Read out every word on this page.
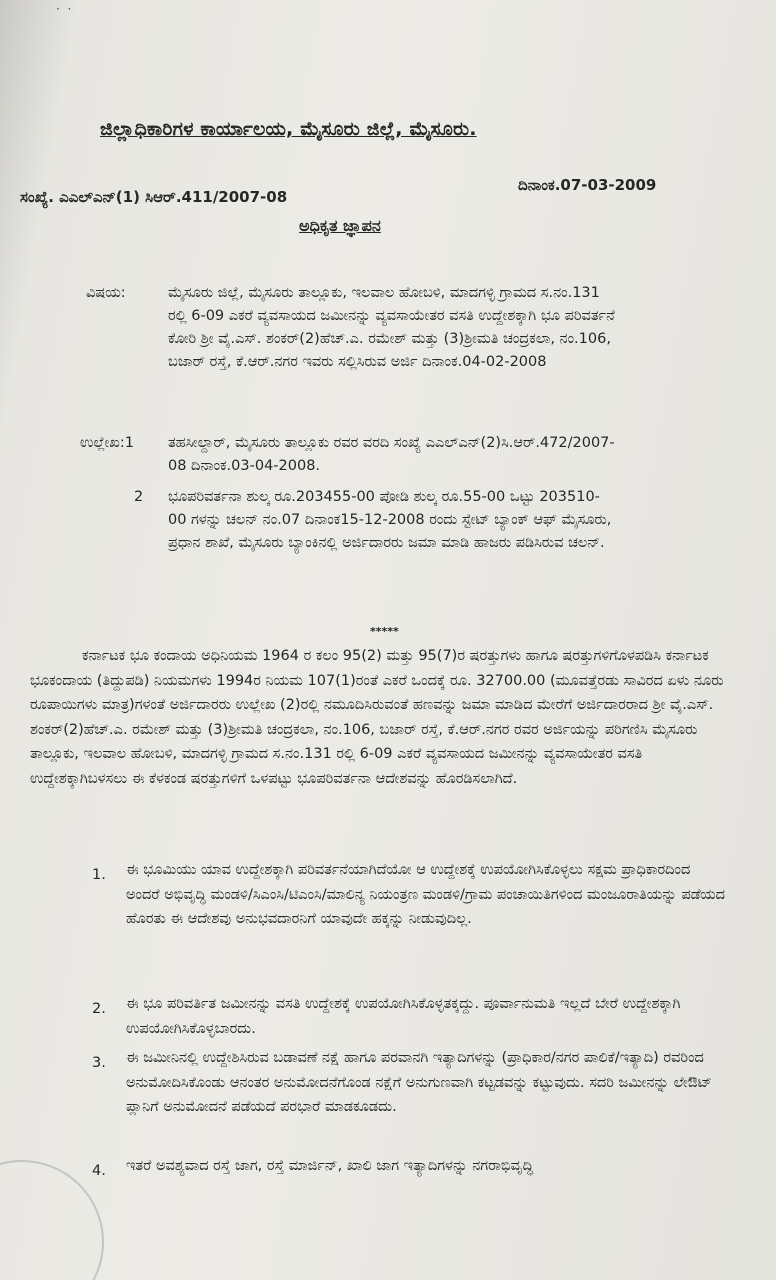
·  ·
ಜಿಲ್ಲಾಧಿಕಾರಿಗಳ ಕಾರ್ಯಾಲಯ, ಮೈಸೂರು ಜಿಲ್ಲೆ, ಮೈಸೂರು.
ಸಂಖ್ಯೆ. ಎಎಲ್ಎನ್(1) ಸಿಆರ್.411/2007-08
ದಿನಾಂಕ.07-03-2009
ಅಧಿಕೃತ ಜ್ಞಾಪನ
ವಿಷಯ:	ಮೈಸೂರು ಜಿಲ್ಲೆ, ಮೈಸೂರು ತಾಲ್ಲೂಕು, ಇಲವಾಲ ಹೋಬಳಿ, ಮಾದಗಳ್ಳಿ ಗ್ರಾಮದ ಸ.ನಂ.131 ರಲ್ಲಿ 6-09 ಎಕರೆ ವ್ಯವಸಾಯದ ಜಮೀನನ್ನು ವ್ಯವಸಾಯೇತರ ವಸತಿ ಉದ್ದೇಶಕ್ಕಾಗಿ ಭೂ ಪರಿವರ್ತನೆ ಕೋರಿ ಶ್ರೀ ವೈ.ಎಸ್. ಶಂಕರ್(2)ಹೆಚ್.ಎ. ರಮೇಶ್ ಮತ್ತು (3)ಶ್ರೀಮತಿ ಚಂದ್ರಕಲಾ, ನಂ.106, ಬಜಾರ್ ರಸ್ತೆ, ಕೆ.ಆರ್.ನಗರ ಇವರು ಸಲ್ಲಿಸಿರುವ ಅರ್ಜಿ ದಿನಾಂಕ.04-02-2008
ಉಲ್ಲೇಖ:1 ತಹಸೀಲ್ದಾರ್, ಮೈಸೂರು ತಾಲ್ಲೂಕು ರವರ ವರದಿ ಸಂಖ್ಯೆ ಎಎಲ್ಎನ್(2)ಸಿ.ಆರ್.472/2007-08 ದಿನಾಂಕ.03-04-2008.
2 ಭೂಪರಿವರ್ತನಾ ಶುಲ್ಕ ರೂ.203455-00 ಪೋಡಿ ಶುಲ್ಕ ರೂ.55-00 ಒಟ್ಟು 203510-00 ಗಳನ್ನು ಚಲನ್ ನಂ.07 ದಿನಾಂಕ15-12-2008 ರಂದು ಸ್ಟೇಟ್ ಬ್ಯಾಂಕ್ ಆಫ್ ಮೈಸೂರು, ಪ್ರಧಾನ ಶಾಖೆ, ಮೈಸೂರು ಬ್ಯಾಂಕಿನಲ್ಲಿ ಅರ್ಜಿದಾರರು ಜಮಾ ಮಾಡಿ ಹಾಜರು ಪಡಿಸಿರುವ ಚಲನ್.
*****
ಕರ್ನಾಟಕ ಭೂ ಕಂದಾಯ ಅಧಿನಿಯಮ 1964 ರ ಕಲಂ 95(2) ಮತ್ತು 95(7)ರ ಷರತ್ತುಗಳು ಹಾಗೂ ಷರತ್ತುಗಳಿಗೊಳಪಡಿಸಿ ಕರ್ನಾಟಕ ಭೂಕಂದಾಯ (ತಿದ್ದುಪಡಿ) ನಿಯಮಗಳು 1994ರ ನಿಯಮ 107(1)ರಂತೆ ಎಕರೆ ಒಂದಕ್ಕೆ ರೂ. 32700.00 (ಮೂವತ್ತೆರಡು ಸಾವಿರದ ಏಳು ನೂರು ರೂಪಾಯಿಗಳು ಮಾತ್ರ)ಗಳಂತೆ ಅರ್ಜಿದಾರರು ಉಲ್ಲೇಖ (2)ರಲ್ಲಿ ನಮೂದಿಸಿರುವಂತೆ ಹಣವನ್ನು ಜಮಾ ಮಾಡಿದ ಮೇರೆಗೆ ಅರ್ಜಿದಾರರಾದ ಶ್ರೀ ವೈ.ಎಸ್. ಶಂಕರ್(2)ಹೆಚ್.ಎ. ರಮೇಶ್ ಮತ್ತು (3)ಶ್ರೀಮತಿ ಚಂದ್ರಕಲಾ, ನಂ.106, ಬಜಾರ್ ರಸ್ತೆ, ಕೆ.ಆರ್.ನಗರ ರವರ ಅರ್ಜಿಯನ್ನು ಪರಿಗಣಿಸಿ ಮೈಸೂರು ತಾಲ್ಲೂಕು, ಇಲವಾಲ ಹೋಬಳಿ, ಮಾದಗಳ್ಳಿ ಗ್ರಾಮದ ಸ.ನಂ.131 ರಲ್ಲಿ 6-09 ಎಕರೆ ವ್ಯವಸಾಯದ ಜಮೀನನ್ನು ವ್ಯವಸಾಯೇತರ ವಸತಿ ಉದ್ದೇಶಕ್ಕಾಗಿಬಳಸಲು ಈ ಕೆಳಕಂಡ ಷರತ್ತುಗಳಿಗೆ ಒಳಪಟ್ಟು ಭೂಪರಿವರ್ತನಾ ಆದೇಶವನ್ನು ಹೊರಡಿಸಲಾಗಿದೆ.
1. ಈ ಭೂಮಿಯು ಯಾವ ಉದ್ದೇಶಕ್ಕಾಗಿ ಪರಿವರ್ತನೆಯಾಗಿದೆಯೋ ಆ ಉದ್ದೇಶಕ್ಕೆ ಉಪಯೋಗಿಸಿಕೊಳ್ಳಲು ಸಕ್ಷಮ ಪ್ರಾಧಿಕಾರದಿಂದ ಅಂದರೆ ಅಭಿವೃದ್ಧಿ ಮಂಡಳಿ/ಸಿಎಂಸಿ/ಟಿಎಂಸಿ/ಮಾಲಿನ್ಯ ನಿಯಂತ್ರಣ ಮಂಡಳಿ/ಗ್ರಾಮ ಪಂಚಾಯಿತಿಗಳಿಂದ ಮಂಜೂರಾತಿಯನ್ನು ಪಡೆಯದ ಹೊರತು ಈ ಆದೇಶವು ಅನುಭವದಾರನಿಗೆ ಯಾವುದೇ ಹಕ್ಕನ್ನು ನೀಡುವುದಿಲ್ಲ.
2. ಈ ಭೂ ಪರಿವರ್ತಿತ ಜಮೀನನ್ನು ವಸತಿ ಉದ್ದೇಶಕ್ಕೆ ಉಪಯೋಗಿಸಿಕೊಳ್ಳತಕ್ಕದ್ದು. ಪೂರ್ವಾನುಮತಿ ಇಲ್ಲದೆ ಬೇರೆ ಉದ್ದೇಶಕ್ಕಾಗಿ ಉಪಯೋಗಿಸಿಕೊಳ್ಳಬಾರದು.
3. ಈ ಜಮೀನಿನಲ್ಲಿ ಉದ್ದೇಶಿಸಿರುವ ಬಡಾವಣೆ ನಕ್ಷೆ ಹಾಗೂ ಪರವಾನಗಿ ಇತ್ಯಾದಿಗಳನ್ನು (ಪ್ರಾಧಿಕಾರ/ನಗರ ಪಾಲಿಕೆ/ಇತ್ಯಾದಿ) ರವರಿಂದ ಅನುಮೋದಿಸಿಕೊಂಡು ಆನಂತರ ಅನುಮೋದನೆಗೊಂಡ ನಕ್ಷೆಗೆ ಅನುಗುಣವಾಗಿ ಕಟ್ಟಡವನ್ನು ಕಟ್ಟುವುದು. ಸದರಿ ಜಮೀನನ್ನು ಲೇಔಟ್ ಪ್ಲಾನಿಗೆ ಅನುಮೋದನೆ ಪಡೆಯದೆ ಪರಭಾರೆ ಮಾಡಕೂಡದು.
4. ಇತರೆ ಅವಶ್ಯವಾದ ರಸ್ತೆ ಜಾಗ, ರಸ್ತೆ ಮಾರ್ಜಿನ್, ಖಾಲಿ ಜಾಗ ಇತ್ಯಾದಿಗಳನ್ನು ನಗರಾಭಿವೃದ್ಧಿ
